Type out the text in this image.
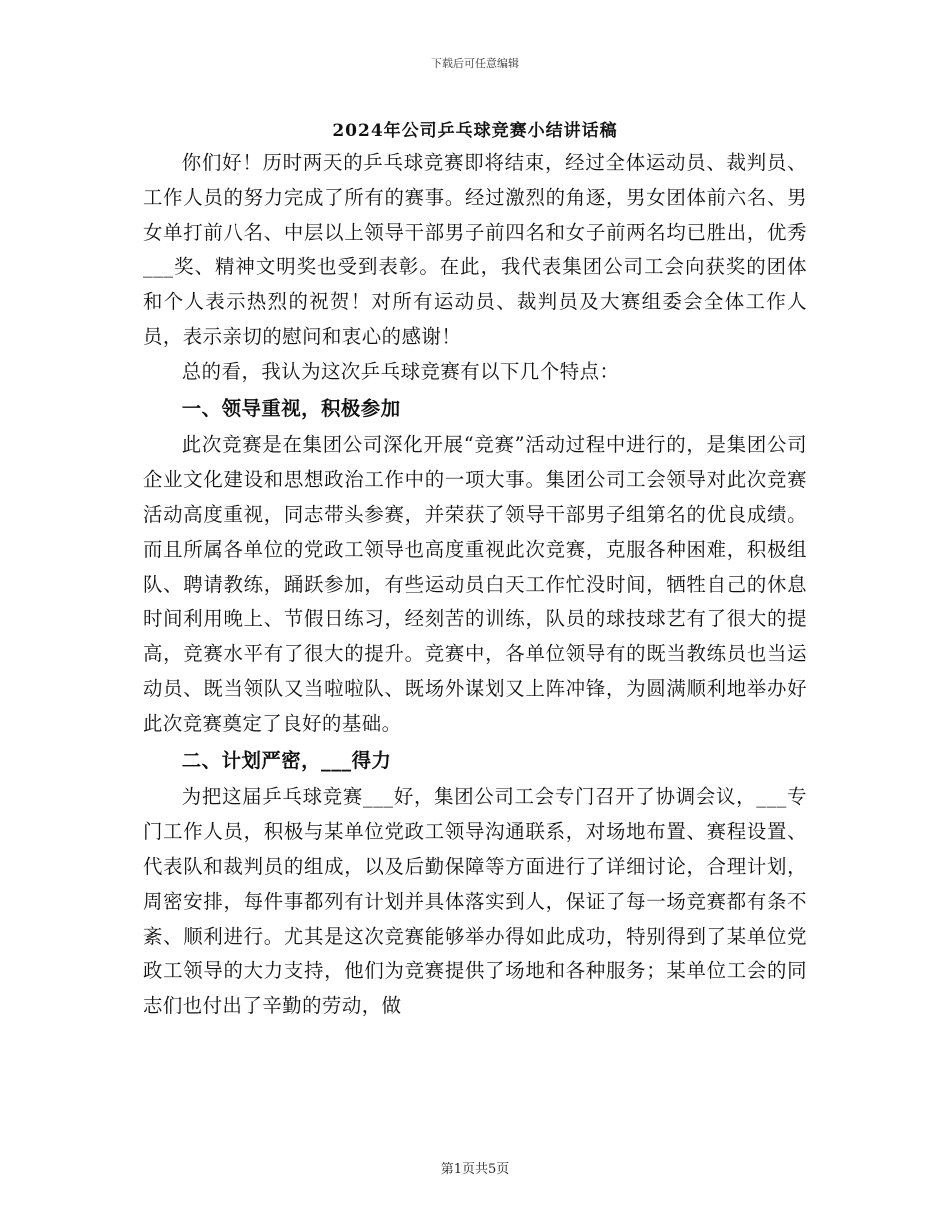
下载后可任意编辑
2024年公司乒乓球竞赛小结讲话稿

你们好！历时两天的乒乓球竞赛即将结束，经过全体运动员、裁判员、工作人员的努力完成了所有的赛事。经过激烈的角逐，男女团体前六名、男女单打前八名、中层以上领导干部男子前四名和女子前两名均已胜出，优秀___奖、精神文明奖也受到表彰。在此，我代表集团公司工会向获奖的团体和个人表示热烈的祝贺！对所有运动员、裁判员及大赛组委会全体工作人员，表示亲切的慰问和衷心的感谢！

总的看，我认为这次乒乓球竞赛有以下几个特点：

一、领导重视，积极参加

此次竞赛是在集团公司深化开展“竞赛”活动过程中进行的，是集团公司企业文化建设和思想政治工作中的一项大事。集团公司工会领导对此次竞赛活动高度重视，同志带头参赛，并荣获了领导干部男子组第名的优良成绩。而且所属各单位的党政工领导也高度重视此次竞赛，克服各种困难，积极组队、聘请教练，踊跃参加，有些运动员白天工作忙没时间，牺牲自己的休息时间利用晚上、节假日练习，经刻苦的训练，队员的球技球艺有了很大的提高，竞赛水平有了很大的提升。竞赛中，各单位领导有的既当教练员也当运动员、既当领队又当啦啦队、既场外谋划又上阵冲锋，为圆满顺利地举办好此次竞赛奠定了良好的基础。

二、计划严密，___得力

为把这届乒乓球竞赛___好，集团公司工会专门召开了协调会议，___专门工作人员，积极与某单位党政工领导沟通联系，对场地布置、赛程设置、代表队和裁判员的组成，以及后勤保障等方面进行了详细讨论，合理计划，周密安排，每件事都列有计划并具体落实到人，保证了每一场竞赛都有条不紊、顺利进行。尤其是这次竞赛能够举办得如此成功，特别得到了某单位党政工领导的大力支持，他们为竞赛提供了场地和各种服务；某单位工会的同志们也付出了辛勤的劳动，做

第1页共5页
